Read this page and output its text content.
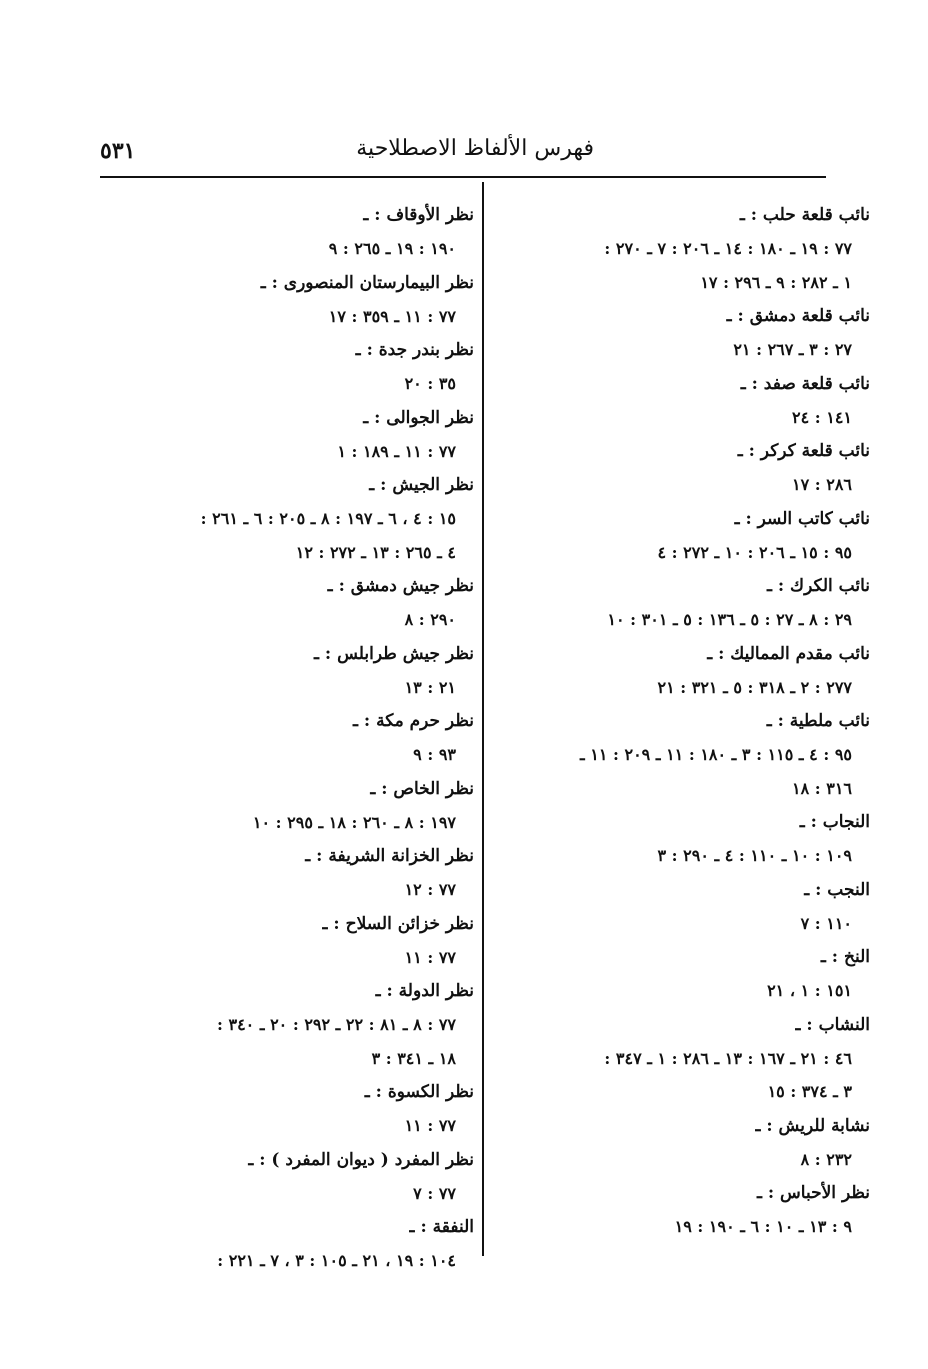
فهرس الألفاظ الاصطلاحية
٥٣١
نائب قلعة حلب : ـ
٧٧ : ١٩ ـ ١٨٠ : ١٤ ـ ٢٠٦ : ٧ ـ ٢٧٠ :
١ ـ ٢٨٢ : ٩ ـ ٢٩٦ : ١٧
نائب قلعة دمشق : ـ
٢٧ : ٣ ـ ٢٦٧ : ٢١
نائب قلعة صفد : ـ
١٤١ : ٢٤
نائب قلعة كركر : ـ
٢٨٦ : ١٧
نائب كاتب السر : ـ
٩٥ : ١٥ ـ ٢٠٦ : ١٠ ـ ٢٧٢ : ٤
نائب الكرك : ـ
٢٩ : ٨ ـ ٢٧ : ٥ ـ ١٣٦ : ٥ ـ ٣٠١ : ١٠
نائب مقدم المماليك : ـ
٢٧٧ : ٢ ـ ٣١٨ : ٥ ـ ٣٢١ : ٢١
نائب ملطية : ـ
٩٥ : ٤ ـ ١١٥ : ٣ ـ ١٨٠ : ١١ ـ ٢٠٩ : ١١ ـ
٣١٦ : ١٨
النجاب : ـ
١٠٩ : ١٠ ـ ١١٠ : ٤ ـ ٢٩٠ : ٣
النجب : ـ
١١٠ : ٧
النخ : ـ
١٥١ : ١ ، ٢١
النشاب : ـ
٤٦ : ٢١ ـ ١٦٧ : ١٣ ـ ٢٨٦ : ١ ـ ٣٤٧ :
٣ ـ ٣٧٤ : ١٥
نشابة للريش : ـ
٢٣٢ : ٨
نظر الأحباس : ـ
٩ : ١٣ ـ ١٠ : ٦ ـ ١٩٠ : ١٩
نظر الأوقاف : ـ
١٩٠ : ١٩ ـ ٢٦٥ : ٩
نظر البيمارستان المنصورى : ـ
٧٧ : ١١ ـ ٣٥٩ : ١٧
نظر بندر جدة : ـ
٣٥ : ٢٠
نظر الجوالى : ـ
٧٧ : ١١ ـ ١٨٩ : ١
نظر الجيش : ـ
١٥ : ٤ ، ٦ ـ ١٩٧ : ٨ ـ ٢٠٥ : ٦ ـ ٢٦١ :
٤ ـ ٢٦٥ : ١٣ ـ ٢٧٢ : ١٢
نظر جيش دمشق : ـ
٢٩٠ : ٨
نظر جيش طرابلس : ـ
٢١ : ١٣
نظر حرم مكة : ـ
٩٣ : ٩
نظر الخاص : ـ
١٩٧ : ٨ ـ ٢٦٠ : ١٨ ـ ٢٩٥ : ١٠
نظر الخزانة الشريفة : ـ
٧٧ : ١٢
نظر خزائن السلاح : ـ
٧٧ : ١١
نظر الدولة : ـ
٧٧ : ٨ ـ ٨١ : ٢٢ ـ ٢٩٢ : ٢٠ ـ ٣٤٠ :
١٨ ـ ٣٤١ : ٣
نظر الكسوة : ـ
٧٧ : ١١
نظر المفرد ( ديوان المفرد ) : ـ
٧٧ : ٧
النفقة : ـ
١٠٤ : ١٩ ، ٢١ ـ ١٠٥ : ٣ ، ٧ ـ ٢٢١ :
